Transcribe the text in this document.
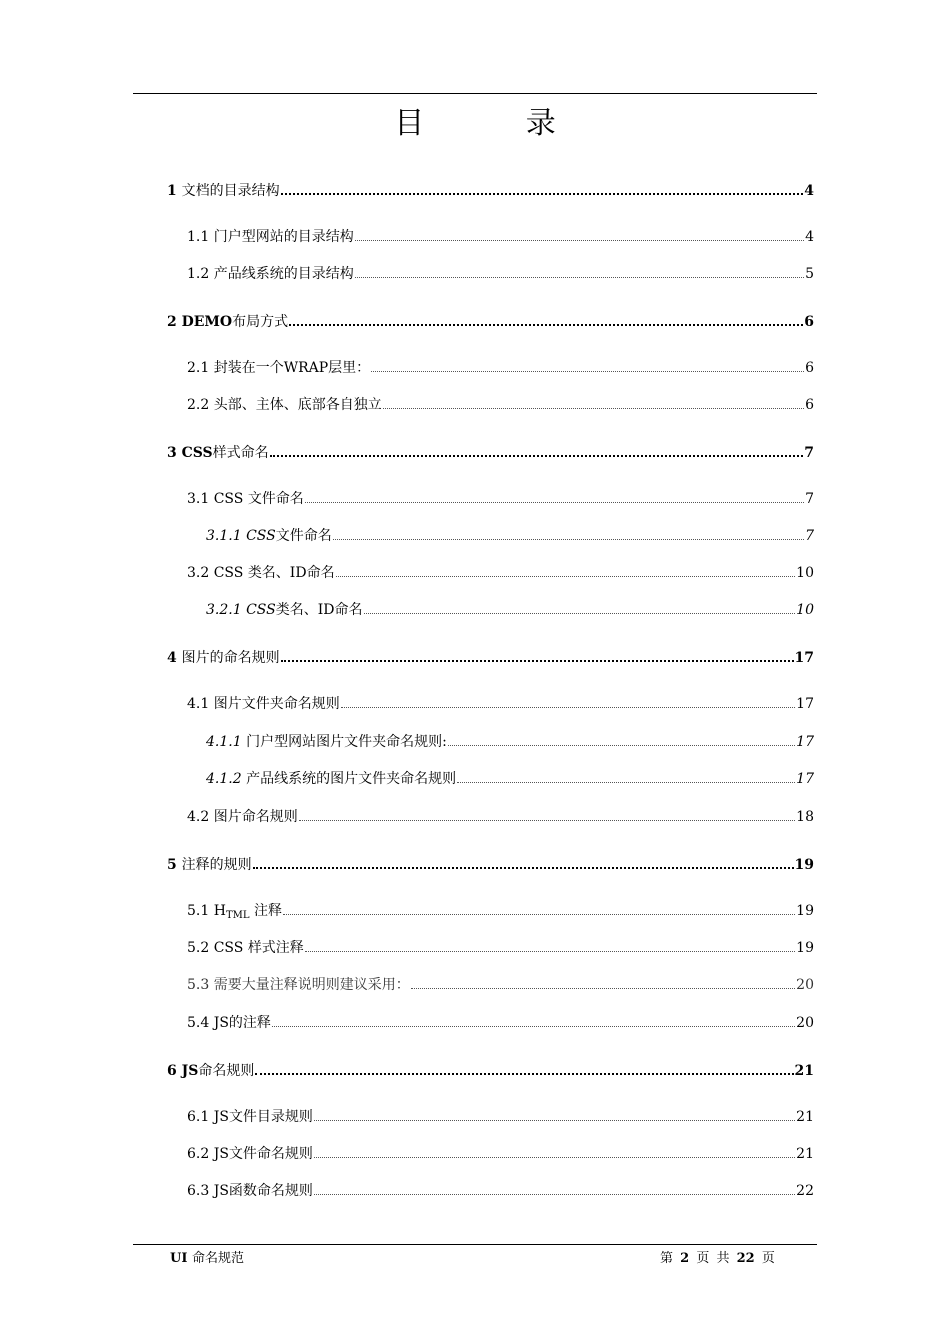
目 录
1 文档的目录结构	4
1.1 门户型网站的目录结构	4
1.2 产品线系统的目录结构	5
2 DEMO布局方式	6
2.1 封装在一个WRAP层里：	6
2.2 头部、主体、底部各自独立	6
3 CSS样式命名	7
3.1 CSS 文件命名	7
3.1.1 CSS文件命名	7
3.2 CSS 类名、ID命名	10
3.2.1 CSS类名、ID命名	10
4 图片的命名规则	17
4.1 图片文件夹命名规则	17
4.1.1 门户型网站图片文件夹命名规则:	17
4.1.2 产品线系统的图片文件夹命名规则	17
4.2 图片命名规则	18
5 注释的规则	19
5.1 $H_{TML}$ 注释	19
5.2 CSS 样式注释	19
5.3 需要大量注释说明则建议采用：	20
5.4 JS的注释	20
6 JS命名规则	21
6.1 JS文件目录规则	21
6.2 JS文件命名规则	21
6.3 JS函数命名规则	22
UI 命名规范	第 2 页 共 22 页
